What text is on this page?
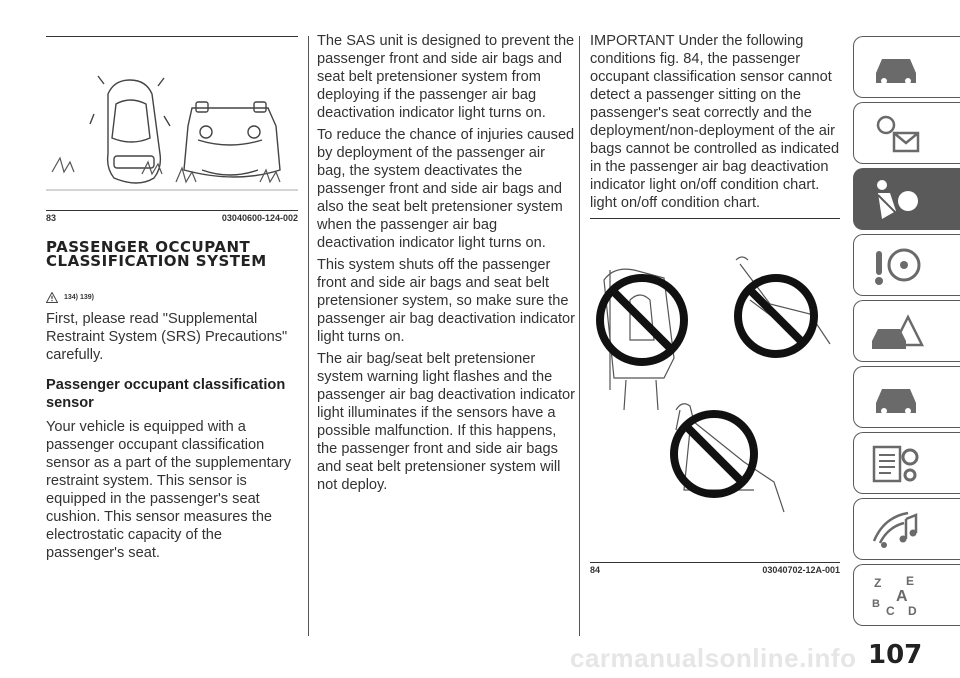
83	03040600-124-002
PASSENGER OCCUPANT CLASSIFICATION SYSTEM
134) 139)

First, please read "Supplemental Restraint System (SRS) Precautions" carefully.

Passenger occupant classification sensor

Your vehicle is equipped with a passenger occupant classification sensor as a part of the supplementary restraint system. This sensor is equipped in the passenger's seat cushion. This sensor measures the electrostatic capacity of the passenger's seat.

The SAS unit is designed to prevent the passenger front and side air bags and seat belt pretensioner system from deploying if the passenger air bag deactivation indicator light turns on.

To reduce the chance of injuries caused by deployment of the passenger air bag, the system deactivates the passenger front and side air bags and also the seat belt pretensioner system when the passenger air bag deactivation indicator light turns on.

This system shuts off the passenger front and side air bags and seat belt pretensioner system, so make sure the passenger air bag deactivation indicator light turns on.

The air bag/seat belt pretensioner system warning light flashes and the passenger air bag deactivation indicator light illuminates if the sensors have a possible malfunction. If this happens, the passenger front and side air bags and seat belt pretensioner system will not deploy.

IMPORTANT Under the following conditions fig. 84, the passenger occupant classification sensor cannot detect a passenger sitting on the passenger's seat correctly and the deployment/non-deployment of the air bags cannot be controlled as indicated in the passenger air bag deactivation indicator light on/off condition chart. light on/off condition chart.

84	03040702-12A-001
Z E
A
B C D
carmanualsonline.info 107
